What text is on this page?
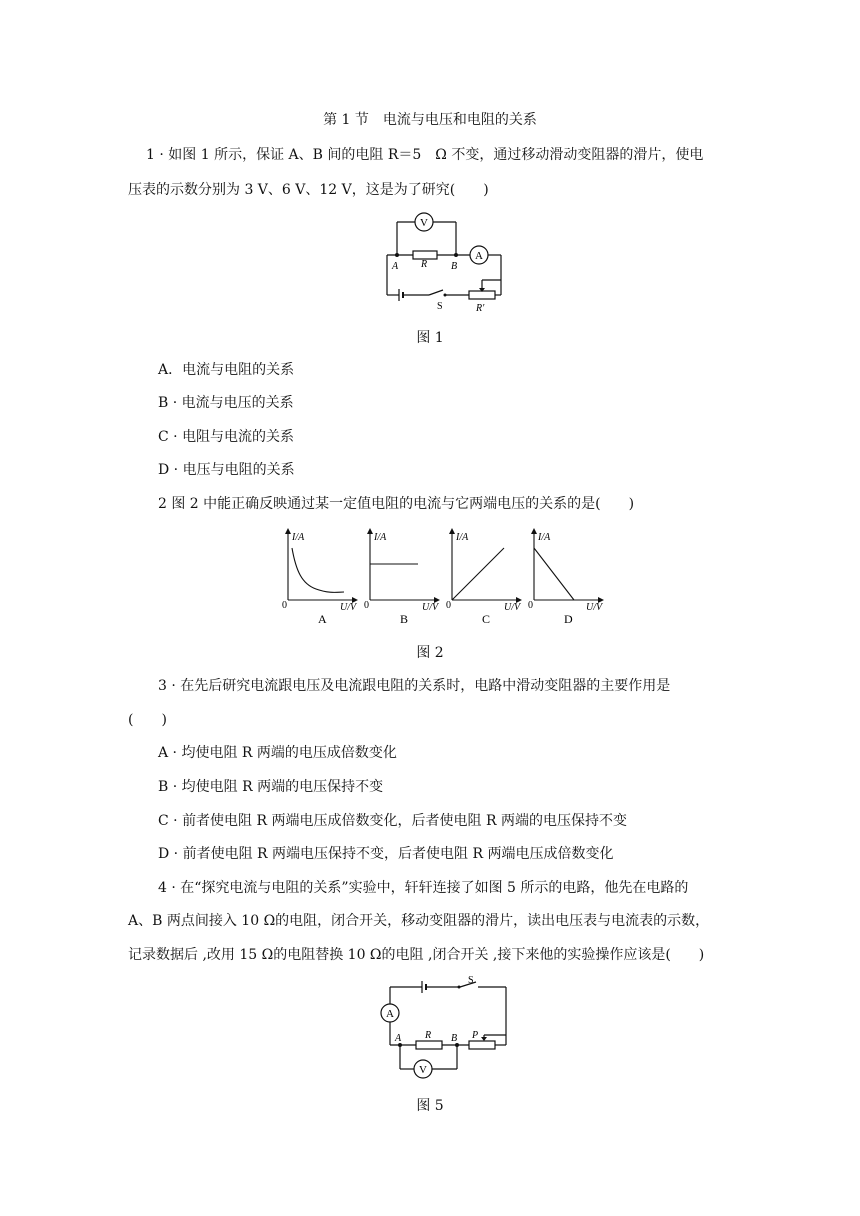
第 1 节　电流与电压和电阻的关系
1 · 如图 1 所示，保证 A、B 间的电阻 R＝5　Ω 不变，通过移动滑动变阻器的滑片，使电
压表的示数分别为 3 V、6 V、12 V，这是为了研究(　　)
V
A
A	B
R
S	R′
图 1
A．电流与电阻的关系
B · 电流与电压的关系
C · 电阻与电流的关系
D · 电压与电阻的关系
2 图 2 中能正确反映通过某一定值电阻的电流与它两端电压的关系的是(　　)
I/A	I/A	I/A	I/A
U/V	U/V	U/V	U/V
0	0	0	0
A	B	C	D
图 2
3 · 在先后研究电流跟电压及电流跟电阻的关系时，电路中滑动变阻器的主要作用是
(　　)
A · 均使电阻 R 两端的电压成倍数变化
B · 均使电阻 R 两端的电压保持不变
C · 前者使电阻 R 两端电压成倍数变化，后者使电阻 R 两端的电压保持不变
D · 前者使电阻 R 两端电压保持不变，后者使电阻 R 两端电压成倍数变化
4 · 在“探究电流与电阻的关系”实验中，轩轩连接了如图 5 所示的电路，他先在电路的
A、B 两点间接入 10 Ω的电阻，闭合开关，移动变阻器的滑片，读出电压表与电流表的示数，
记录数据后 ,改用 15 Ω的电阻替换 10 Ω的电阻 ,闭合开关 ,接下来他的实验操作应该是(　　)
S
A
A	B
R	P
V
图 5
